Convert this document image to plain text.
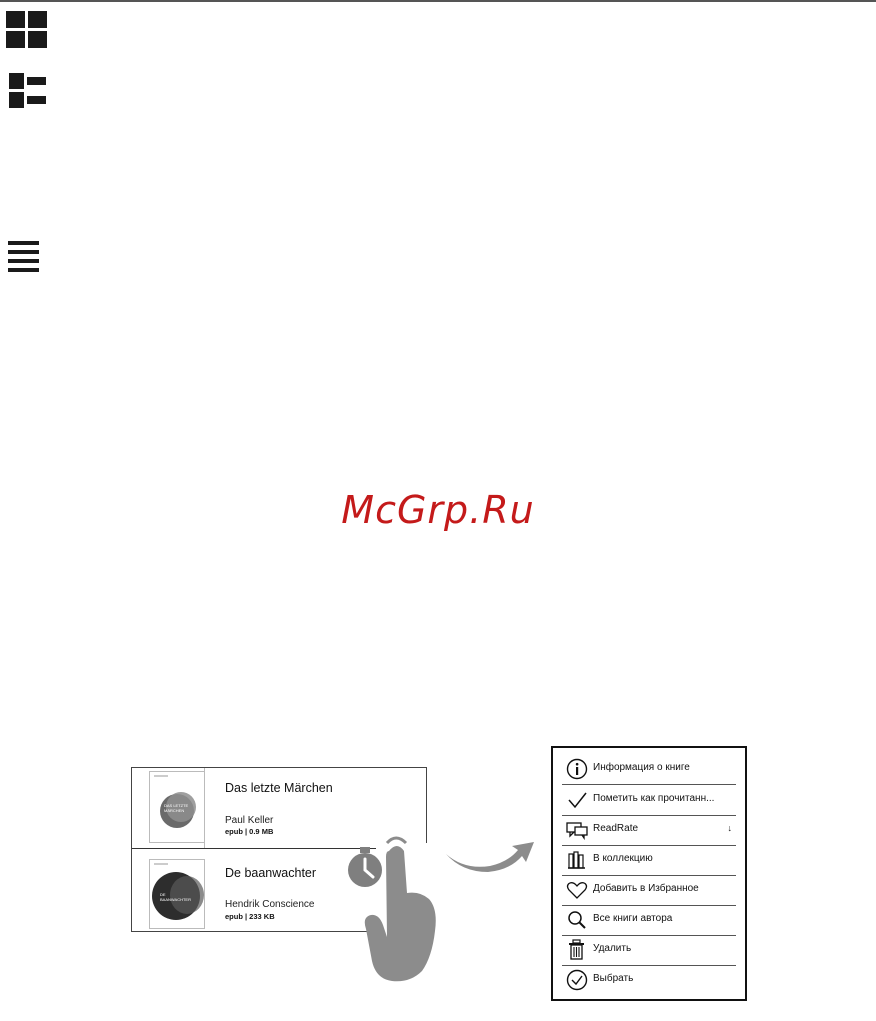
McGrp.Ru
DAS LETZTE MÄRCHEN
Das letzte Märchen
Paul Keller
epub | 0.9 MB
DE BAANWACHTER
De baanwachter
Hendrik Conscience
epub | 233 KB
Информация о книге
Пометить как прочитанн...
ReadRate	↓
В коллекцию
Добавить в Избранное
Все книги автора
Удалить
Выбрать
